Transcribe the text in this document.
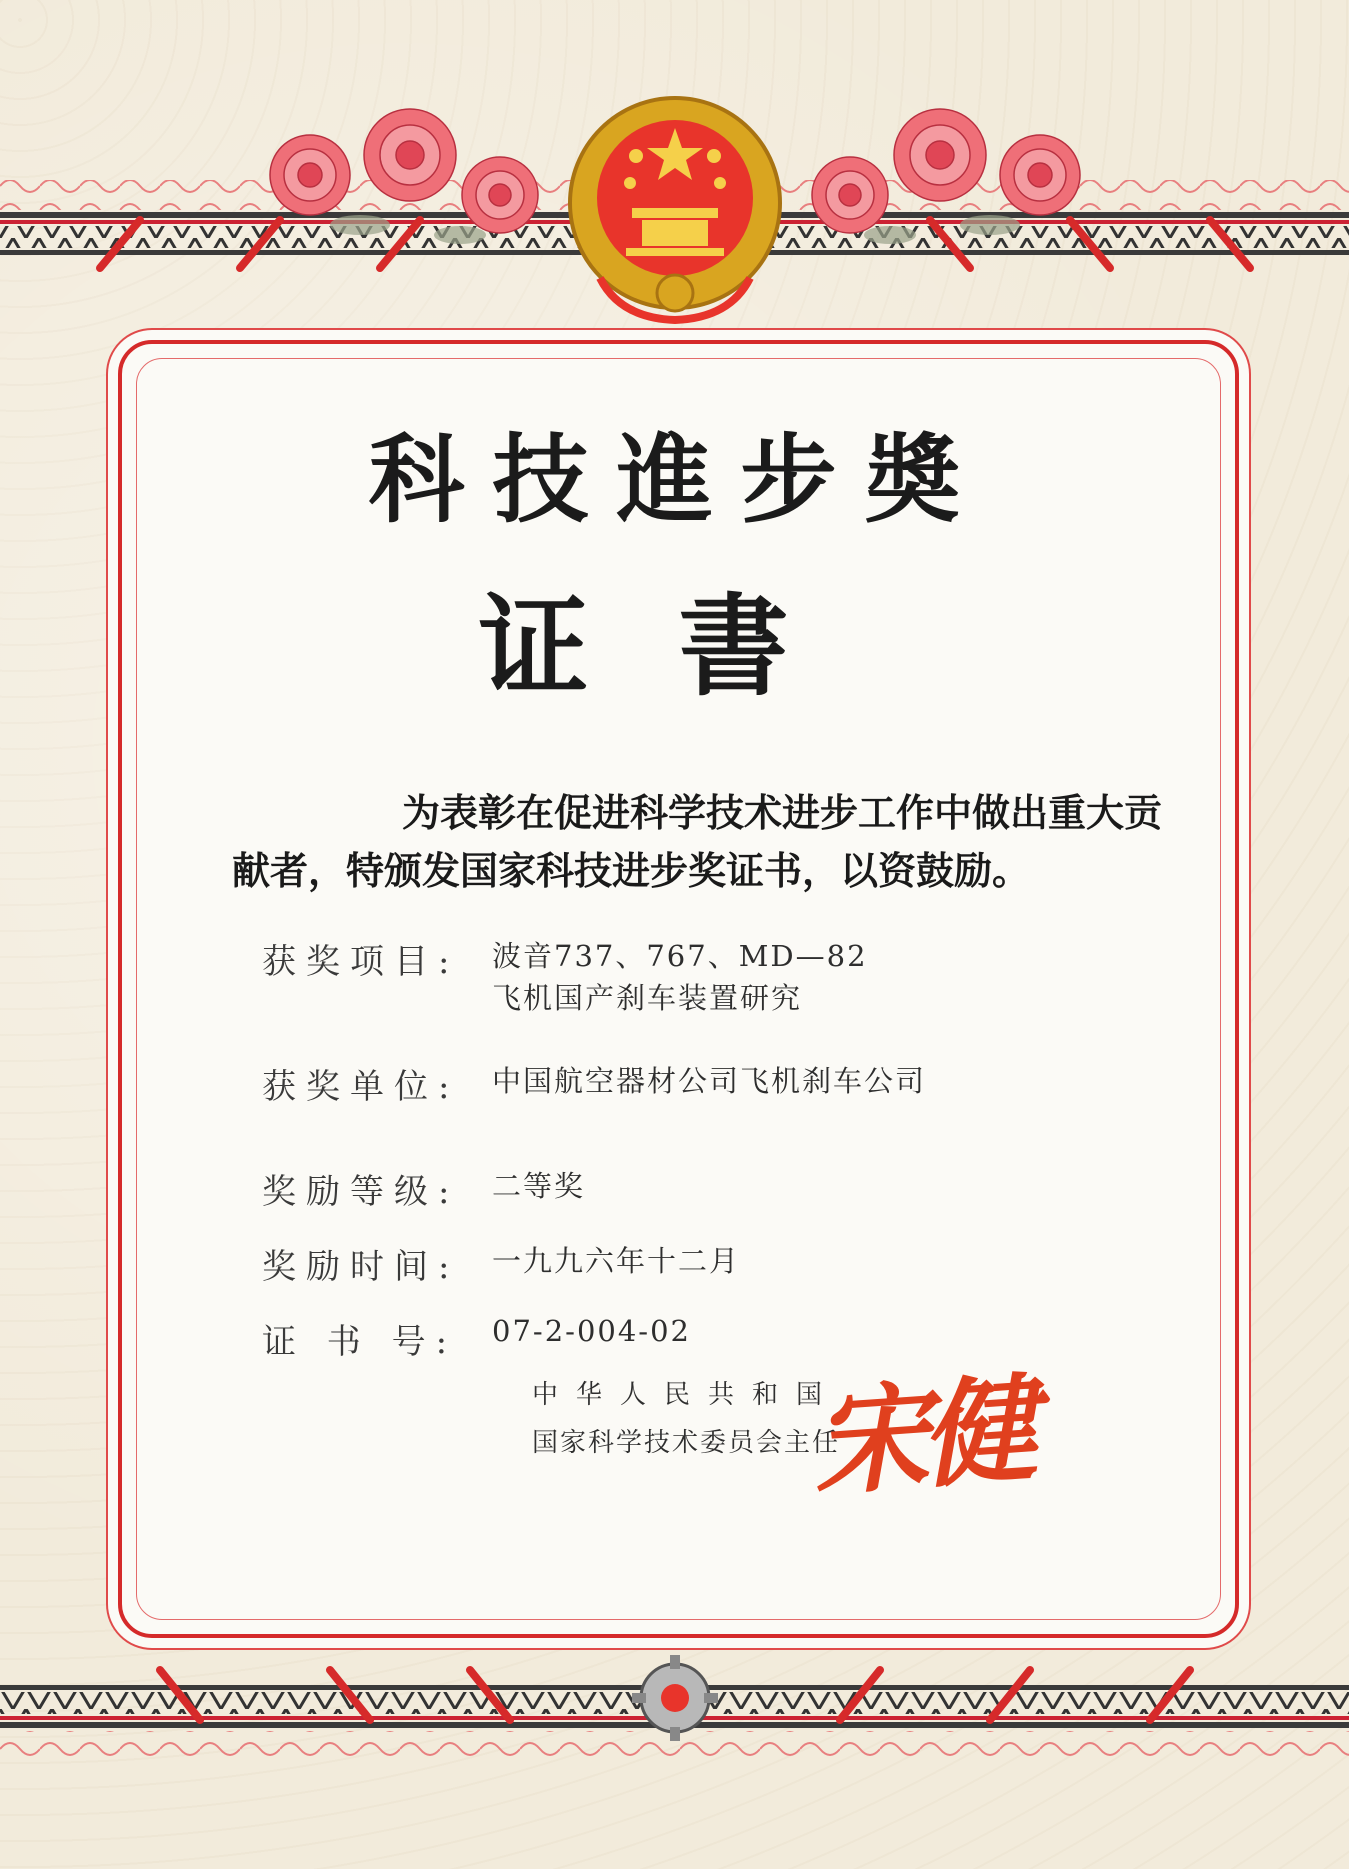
科技進步奬
证書
为表彰在促进科学技术进步工作中做出重大贡献者，特颁发国家科技进步奖证书，以资鼓励。
获奖项目: 波音737、767、MD—82
飞机国产刹车装置研究
获奖单位: 中国航空器材公司飞机刹车公司
奖励等级: 二等奖
奖励时间: 一九九六年十二月
证 书 号: 07-2-004-02
中华人民共和国
国家科学技术委员会主任
宋健
